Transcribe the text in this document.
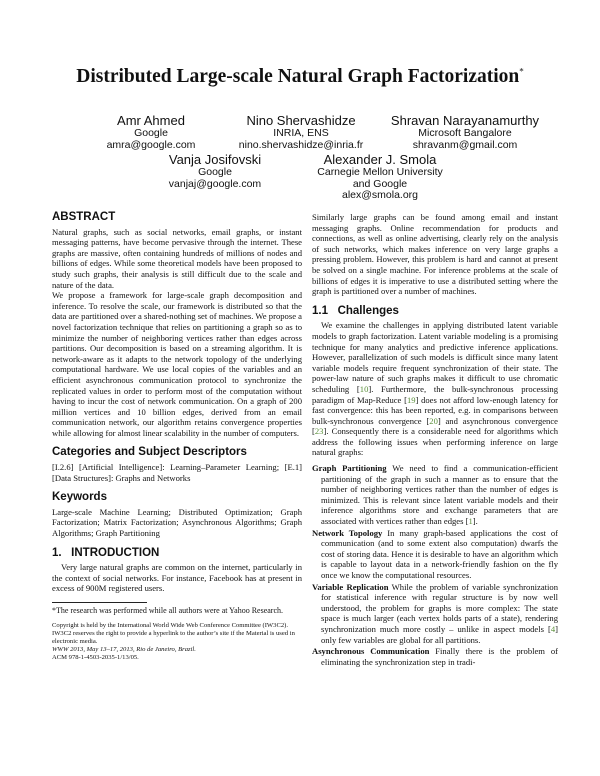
Distributed Large-scale Natural Graph Factorization*
Amr Ahmed
Google
amra@google.com
Nino Shervashidze
INRIA, ENS
nino.shervashidze@inria.fr
Shravan Narayanamurthy
Microsoft Bangalore
shravanm@gmail.com
Vanja Josifovski
Google
vanjaj@google.com
Alexander J. Smola
Carnegie Mellon University
and Google
alex@smola.org
ABSTRACT

Natural graphs, such as social networks, email graphs, or instant messaging patterns, have become pervasive through the internet. These graphs are massive, often containing hundreds of millions of nodes and billions of edges. While some theoretical models have been proposed to study such graphs, their analysis is still difficult due to the scale and nature of the data.

We propose a framework for large-scale graph decomposition and inference. To resolve the scale, our framework is distributed so that the data are partitioned over a shared-nothing set of machines. We propose a novel factorization technique that relies on partitioning a graph so as to minimize the number of neighboring vertices rather than edges across partitions. Our decomposition is based on a streaming algorithm. It is network-aware as it adapts to the network topology of the underlying computational hardware. We use local copies of the variables and an efficient asynchronous communication protocol to synchronize the replicated values in order to perform most of the computation without having to incur the cost of network communication. On a graph of 200 million vertices and 10 billion edges, derived from an email communication network, our algorithm retains convergence properties while allowing for almost linear scalability in the number of computers.

Categories and Subject Descriptors

[I.2.6] [Artificial Intelligence]: Learning–Parameter Learning; [E.1] [Data Structures]: Graphs and Networks

Keywords

Large-scale Machine Learning; Distributed Optimization; Graph Factorization; Matrix Factorization; Asynchronous Algorithms; Graph Algorithms; Graph Partitioning

1.   INTRODUCTION

Very large natural graphs are common on the internet, particularly in the context of social networks. For instance, Facebook has at present in excess of 900M registered users.

*The research was performed while all authors were at Yahoo Research.

Copyright is held by the International World Wide Web Conference Committee (IW3C2). IW3C2 reserves the right to provide a hyperlink to the author’s site if the Material is used in electronic media.
WWW 2013, May 13–17, 2013, Rio de Janeiro, Brazil.
ACM 978-1-4503-2035-1/13/05.

Similarly large graphs can be found among email and instant messaging graphs. Online recommendation for products and connections, as well as online advertising, clearly rely on the analysis of such networks, which makes inference on very large graphs a pressing problem. However, this problem is hard and cannot at present be solved on a single machine. For inference problems at the scale of billions of edges it is imperative to use a distributed setting where the graph is partitioned over a number of machines.

1.1   Challenges

We examine the challenges in applying distributed latent variable models to graph factorization. Latent variable modeling is a promising technique for many analytics and predictive inference applications. However, parallelization of such models is difficult since many latent variable models require frequent synchronization of their state. The power-law nature of such graphs makes it difficult to use chromatic scheduling [10]. Furthermore, the bulk-synchronous processing paradigm of Map-Reduce [19] does not afford low-enough latency for fast convergence: this has been reported, e.g. in comparisons between bulk-synchronous convergence [20] and asynchronous convergence [23]. Consequently there is a considerable need for algorithms which address the following issues when performing inference on large natural graphs:

Graph Partitioning We need to find a communication-efficient partitioning of the graph in such a manner as to ensure that the number of neighboring vertices rather than the number of edges is minimized. This is relevant since latent variable models and their inference algorithms store and exchange parameters that are associated with vertices rather than edges [1].
Network Topology In many graph-based applications the cost of communication (and to some extent also computation) dwarfs the cost of storing data. Hence it is desirable to have an algorithm which is capable to layout data in a network-friendly fashion on the fly once we know the computational resources.
Variable Replication While the problem of variable synchronization for statistical inference with regular structure is by now well understood, the problem for graphs is more complex: The state space is much larger (each vertex holds parts of a state), rendering synchronization much more costly – unlike in aspect models [4] only few variables are global for all partitions.
Asynchronous Communication Finally there is the problem of eliminating the synchronization step in tradi-
